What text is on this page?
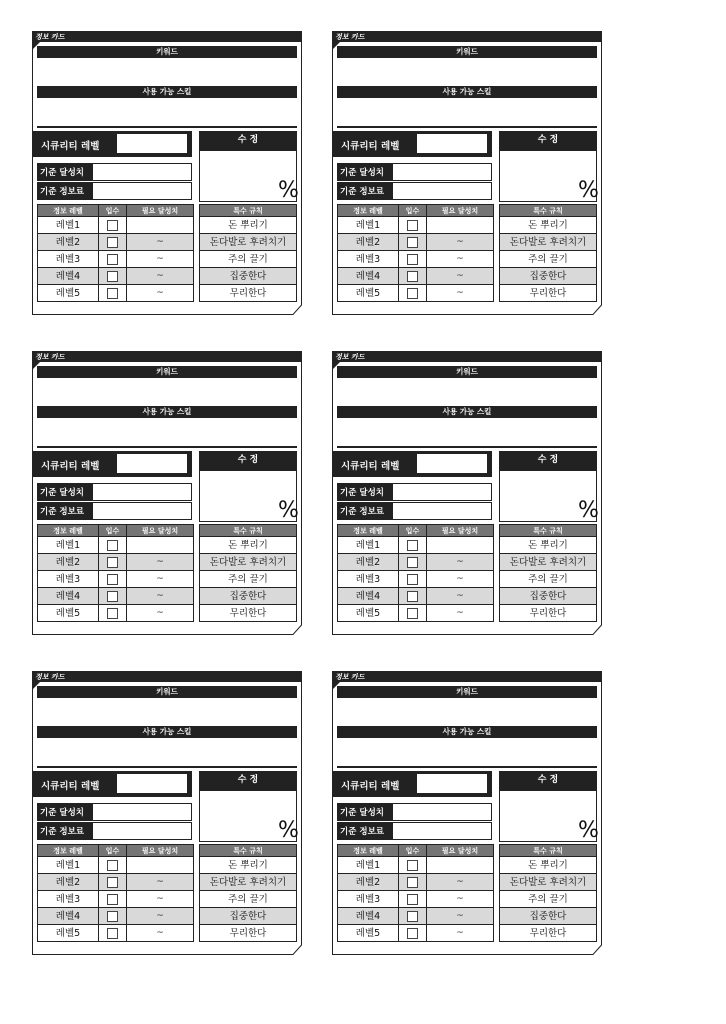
정보 카드
키워드
사용 가능 스킬
시큐리티 레벨
수 정
%
기준 달성치
기준 정보료
정보 레벨	입수	필요 달성치
레벨1		
레벨2		~
레벨3		~
레벨4		~
레벨5		~
특수 규칙
돈 뿌리기
돈다발로 후려치기
주의 끌기
집중한다
무리한다
정보 카드
키워드
사용 가능 스킬
시큐리티 레벨
수 정
%
기준 달성치
기준 정보료
정보 레벨	입수	필요 달성치
레벨1		
레벨2		~
레벨3		~
레벨4		~
레벨5		~
특수 규칙
돈 뿌리기
돈다발로 후려치기
주의 끌기
집중한다
무리한다
정보 카드
키워드
사용 가능 스킬
시큐리티 레벨
수 정
%
기준 달성치
기준 정보료
정보 레벨	입수	필요 달성치
레벨1		
레벨2		~
레벨3		~
레벨4		~
레벨5		~
특수 규칙
돈 뿌리기
돈다발로 후려치기
주의 끌기
집중한다
무리한다
정보 카드
키워드
사용 가능 스킬
시큐리티 레벨
수 정
%
기준 달성치
기준 정보료
정보 레벨	입수	필요 달성치
레벨1		
레벨2		~
레벨3		~
레벨4		~
레벨5		~
특수 규칙
돈 뿌리기
돈다발로 후려치기
주의 끌기
집중한다
무리한다
정보 카드
키워드
사용 가능 스킬
시큐리티 레벨
수 정
%
기준 달성치
기준 정보료
정보 레벨	입수	필요 달성치
레벨1		
레벨2		~
레벨3		~
레벨4		~
레벨5		~
특수 규칙
돈 뿌리기
돈다발로 후려치기
주의 끌기
집중한다
무리한다
정보 카드
키워드
사용 가능 스킬
시큐리티 레벨
수 정
%
기준 달성치
기준 정보료
정보 레벨	입수	필요 달성치
레벨1		
레벨2		~
레벨3		~
레벨4		~
레벨5		~
특수 규칙
돈 뿌리기
돈다발로 후려치기
주의 끌기
집중한다
무리한다
